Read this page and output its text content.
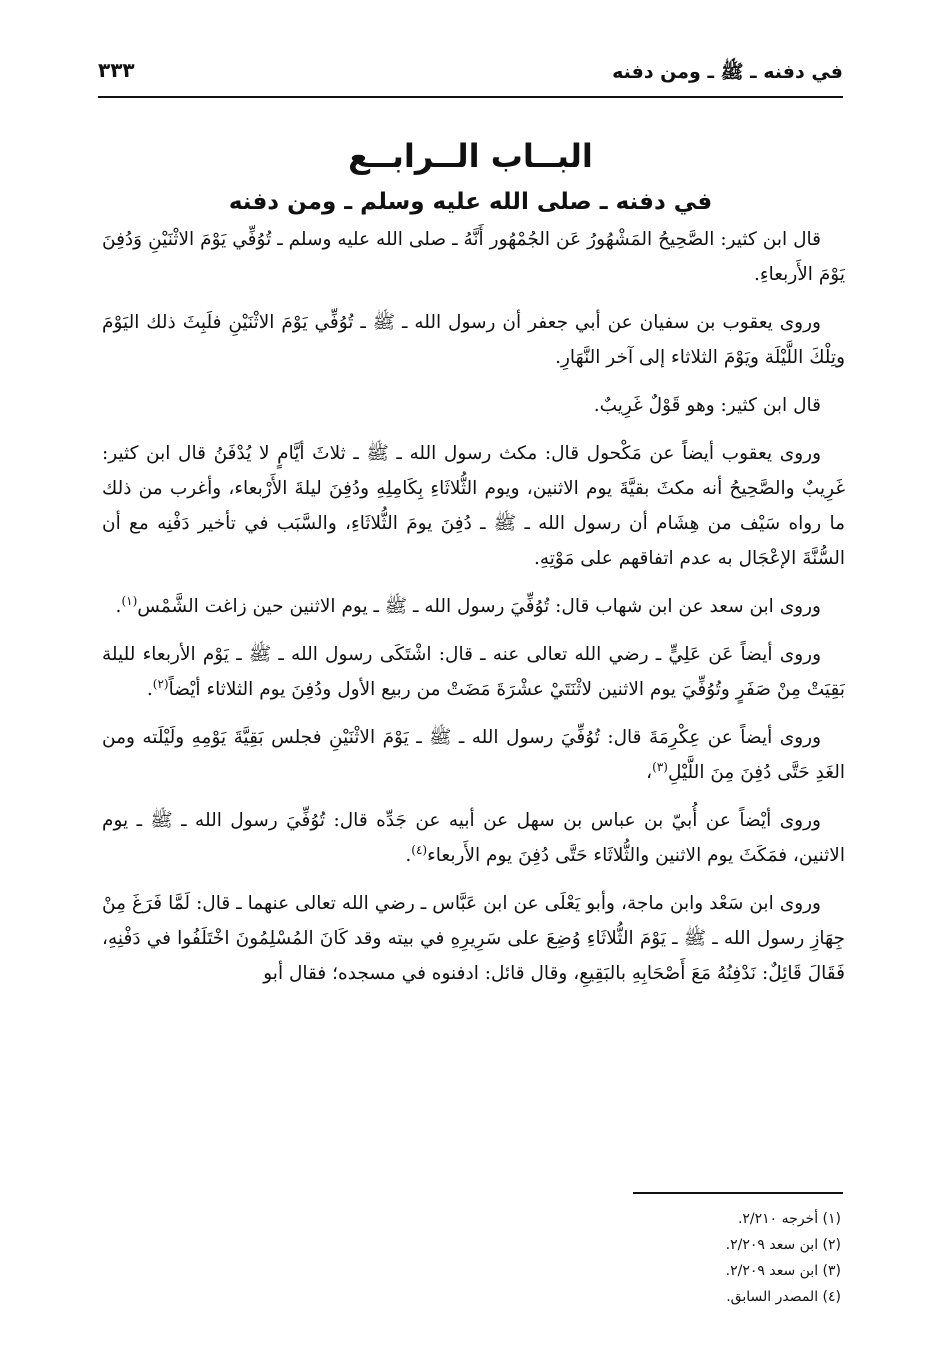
في دفنه ـ ﷺ ـ ومن دفنه
٣٣٣
البــاب الــرابــع
في دفنه ـ صلى الله عليه وسلم ـ ومن دفنه

قال ابن كثير: الصَّحِيحُ المَشْهُورُ عَن الجُمْهُور أَنَّهُ ـ صلى الله عليه وسلم ـ تُوُفِّي يَوْمَ الاثْنَيْنِ وَدُفِنَ يَوْمَ الأَربعاءِ.

وروى يعقوب بن سفيان عن أبي جعفر أن رسول الله ـ ﷺ ـ تُوُفِّي يَوْمَ الاثْنَيْنِ فلَبِثَ ذلك اليَوْمَ وتِلْكَ اللَّيْلَة ويَوْمَ الثلاثاء إلى آخر النَّهَارِ.

قال ابن كثير: وهو قَوْلٌ غَرِيبٌ.

وروى يعقوب أيضاً عن مَكْحول قال: مكث رسول الله ـ ﷺ ـ ثلاثَ أيَّامٍ لا يُدْفَنُ قال ابن كثير: غَرِيبٌ والصَّحِيحُ أنه مكثَ بقيَّةَ يوم الاثنين، ويوم الثُّلاثَاءِ بِكَامِلِهِ ودُفِنَ ليلةَ الأَرْبعاء، وأغرب من ذلك ما رواه سَيْف من هِشَام أن رسول الله ـ ﷺ ـ دُفِنَ يومَ الثُّلاثَاءِ، والسَّبَب في تأخير دَفْنِه مع أن السُّنَّةَ الإعْجَال به عدم اتفاقهم على مَوْتِهِ.

وروى ابن سعد عن ابن شهاب قال: تُوُفِّيَ رسول الله ـ ﷺ ـ يوم الاثنين حين زاغت الشَّمْس$^{(١)}$.

وروى أيضاً عَن عَلِيٍّ ـ رضي الله تعالى عنه ـ قال: اشْتَكَى رسول الله ـ ﷺ ـ يَوْم الأربعاء لليلة بَقِيَتْ مِنْ صَفَرٍ وتُوُفِّيَ يوم الاثنين لاثْنَتَيْ عشْرَةَ مَضَتْ من ربيع الأول ودُفِنَ يوم الثلاثاء أيْضاً$^{(٢)}$.

وروى أيضاً عن عِكْرِمَةَ قال: تُوُفِّيَ رسول الله ـ ﷺ ـ يَوْمَ الاثْنَيْنِ فجلس بَقِيَّةَ يَوْمِهِ ولَيْلَته ومن الغَدِ حَتَّى دُفِنَ مِنَ اللَّيْلِ$^{(٣)}$،

وروى أيْضاً عن أُبيّ بن عباس بن سهل عن أبيه عن جَدِّه قال: تُوُفِّيَ رسول الله ـ ﷺ ـ يوم الاثنين، فمَكَثَ يوم الاثنين والثُّلاثَاء حَتَّى دُفِنَ يوم الأَربعاء$^{(٤)}$.

وروى ابن سَعْد وابن ماجة، وأبو يَعْلَى عن ابن عَبَّاس ـ رضي الله تعالى عنهما ـ قال: لَمَّا فَرَغَ مِنْ جِهَازِ رسول الله ـ ﷺ ـ يَوْمَ الثُّلاثَاءِ وُضِعَ على سَرِيرِهِ في بيته وقد كَانَ المُسْلِمُونَ اخْتَلَفُوا في دَفْنِهِ، فَقَالَ قَائِلٌ: نَدْفِنُهُ مَعَ أَصْحَابِهِ بالبَقِيعِ، وقال قائل: ادفنوه في مسجده؛ فقال أبو

(١) أخرجه ٢/٢١٠.
(٢) ابن سعد ٢/٢٠٩.
(٣) ابن سعد ٢/٢٠٩.
(٤) المصدر السابق.
